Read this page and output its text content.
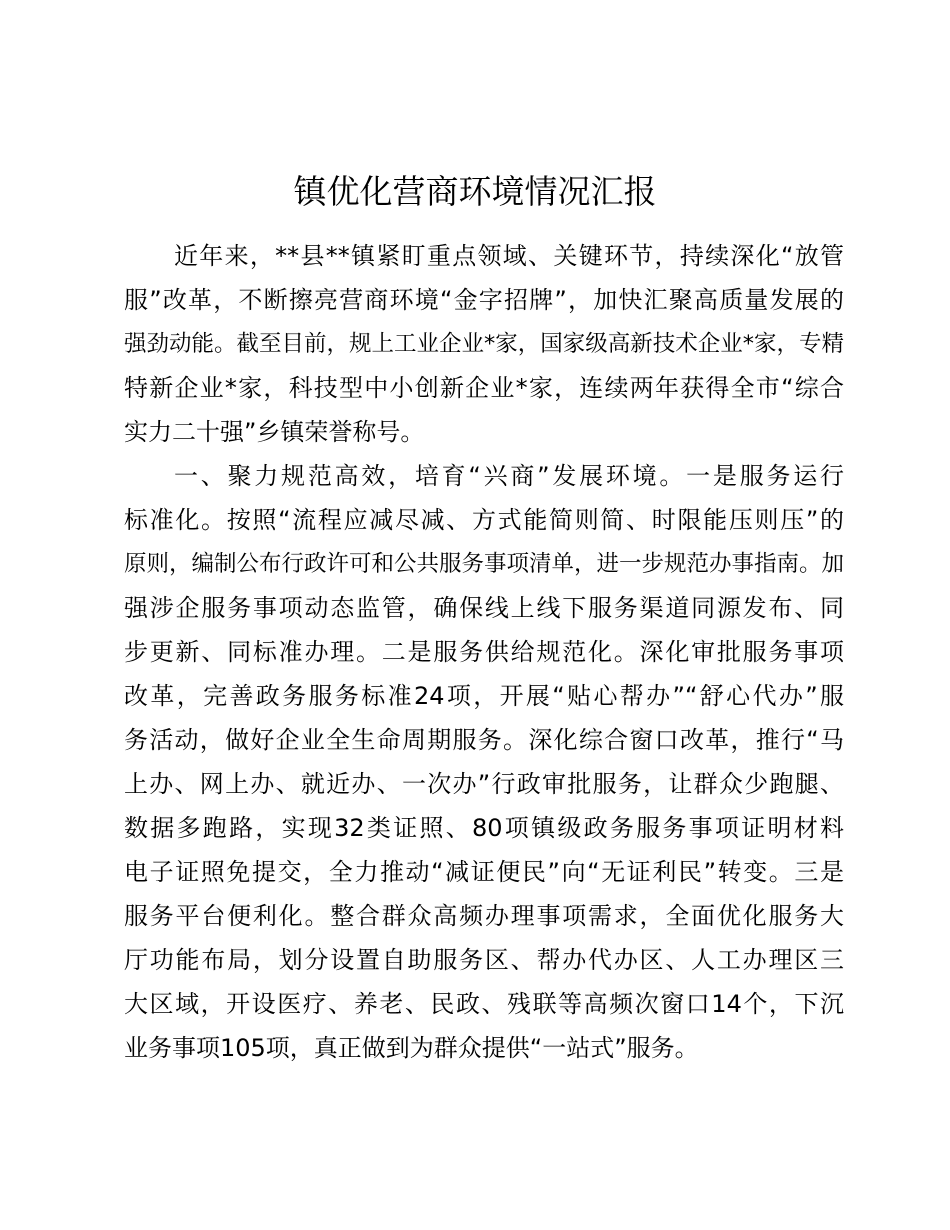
镇优化营商环境情况汇报

近年来，**县**镇紧盯重点领域、关键环节，持续深化“放管

服”改革，不断擦亮营商环境“金字招牌”，加快汇聚高质量发展的

强劲动能。截至目前，规上工业企业*家，国家级高新技术企业*家，专精

特新企业*家，科技型中小创新企业*家，连续两年获得全市“综合

实力二十强”乡镇荣誉称号。

一、聚力规范高效，培育“兴商”发展环境。一是服务运行

标准化。按照“流程应减尽减、方式能简则简、时限能压则压”的

原则，编制公布行政许可和公共服务事项清单，进一步规范办事指南。加

强涉企服务事项动态监管，确保线上线下服务渠道同源发布、同

步更新、同标准办理。二是服务供给规范化。深化审批服务事项

改革，完善政务服务标准24项，开展“贴心帮办”“舒心代办”服

务活动，做好企业全生命周期服务。深化综合窗口改革，推行“马

上办、网上办、就近办、一次办”行政审批服务，让群众少跑腿、

数据多跑路，实现32类证照、80项镇级政务服务事项证明材料

电子证照免提交，全力推动“减证便民”向“无证利民”转变。三是

服务平台便利化。整合群众高频办理事项需求，全面优化服务大

厅功能布局，划分设置自助服务区、帮办代办区、人工办理区三

大区域，开设医疗、养老、民政、残联等高频次窗口14个，下沉

业务事项105项，真正做到为群众提供“一站式”服务。
